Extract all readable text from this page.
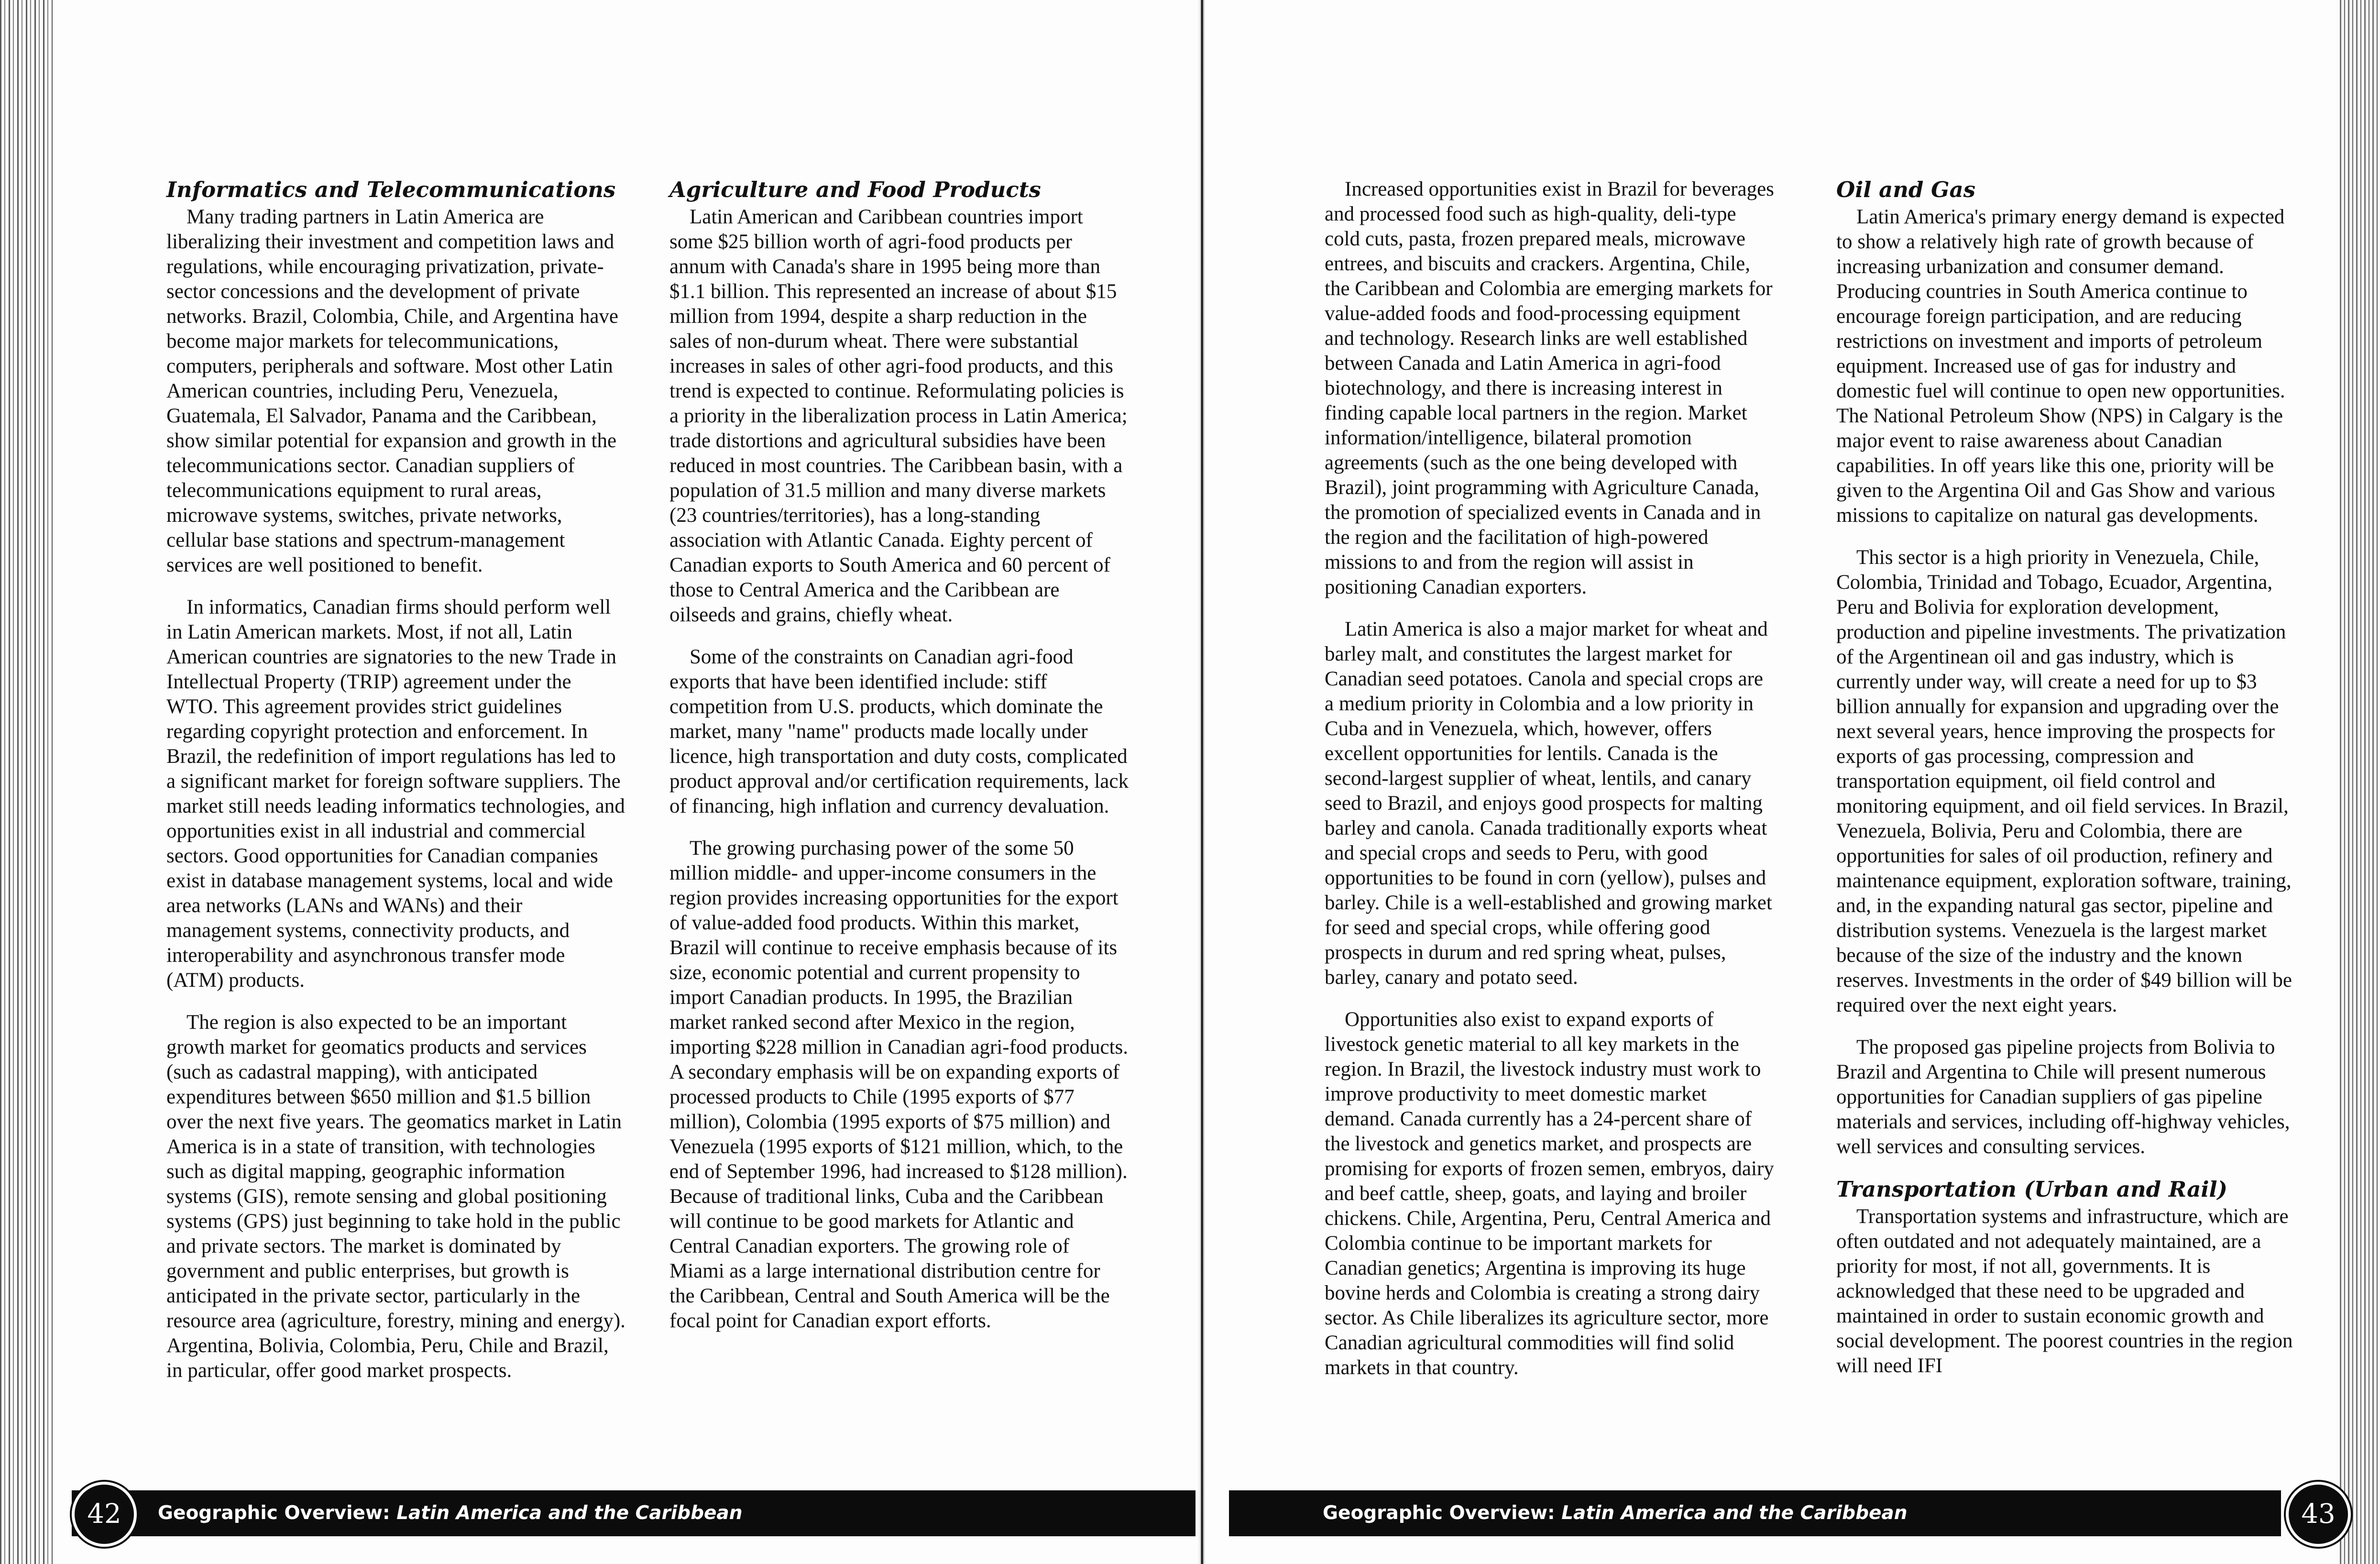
Informatics and Telecommunications

Many trading partners in Latin America are liberalizing their investment and competition laws and regulations, while encouraging privatization, private-sector concessions and the development of private networks. Brazil, Colombia, Chile, and Argentina have become major markets for telecommunications, computers, peripherals and software. Most other Latin American countries, including Peru, Venezuela, Guatemala, El Salvador, Panama and the Caribbean, show similar potential for expansion and growth in the telecommunications sector. Canadian suppliers of telecommunications equipment to rural areas, microwave systems, switches, private networks, cellular base stations and spectrum-management services are well positioned to benefit.

In informatics, Canadian firms should perform well in Latin American markets. Most, if not all, Latin American countries are signatories to the new Trade in Intellectual Property (TRIP) agreement under the WTO. This agreement provides strict guidelines regarding copyright protection and enforcement. In Brazil, the redefinition of import regulations has led to a significant market for foreign software suppliers. The market still needs leading informatics technologies, and opportunities exist in all industrial and commercial sectors. Good opportunities for Canadian companies exist in database management systems, local and wide area networks (LANs and WANs) and their management systems, connectivity products, and interoperability and asynchronous transfer mode (ATM) products.

The region is also expected to be an important growth market for geomatics products and services (such as cadastral mapping), with anticipated expenditures between $650 million and $1.5 billion over the next five years. The geomatics market in Latin America is in a state of transition, with technologies such as digital mapping, geographic information systems (GIS), remote sensing and global positioning systems (GPS) just beginning to take hold in the public and private sectors. The market is dominated by government and public enterprises, but growth is anticipated in the private sector, particularly in the resource area (agriculture, forestry, mining and energy). Argentina, Bolivia, Colombia, Peru, Chile and Brazil, in particular, offer good market prospects.

Agriculture and Food Products

Latin American and Caribbean countries import some $25 billion worth of agri-food products per annum with Canada's share in 1995 being more than $1.1 billion. This represented an increase of about $15 million from 1994, despite a sharp reduction in the sales of non-durum wheat. There were substantial increases in sales of other agri-food products, and this trend is expected to continue. Reformulating policies is a priority in the liberalization process in Latin America; trade distortions and agricultural subsidies have been reduced in most countries. The Caribbean basin, with a population of 31.5 million and many diverse markets (23 countries/territories), has a long-standing association with Atlantic Canada. Eighty percent of Canadian exports to South America and 60 percent of those to Central America and the Caribbean are oilseeds and grains, chiefly wheat.

Some of the constraints on Canadian agri-food exports that have been identified include: stiff competition from U.S. products, which dominate the market, many "name" products made locally under licence, high transportation and duty costs, complicated product approval and/or certification requirements, lack of financing, high inflation and currency devaluation.

The growing purchasing power of the some 50 million middle- and upper-income consumers in the region provides increasing opportunities for the export of value-added food products. Within this market, Brazil will continue to receive emphasis because of its size, economic potential and current propensity to import Canadian products. In 1995, the Brazilian market ranked second after Mexico in the region, importing $228 million in Canadian agri-food products. A secondary emphasis will be on expanding exports of processed products to Chile (1995 exports of $77 million), Colombia (1995 exports of $75 million) and Venezuela (1995 exports of $121 million, which, to the end of September 1996, had increased to $128 million). Because of traditional links, Cuba and the Caribbean will continue to be good markets for Atlantic and Central Canadian exporters. The growing role of Miami as a large international distribution centre for the Caribbean, Central and South America will be the focal point for Canadian export efforts.

Geographic Overview: Latin America and the Caribbean
42

Increased opportunities exist in Brazil for beverages and processed food such as high-quality, deli-type cold cuts, pasta, frozen prepared meals, microwave entrees, and biscuits and crackers. Argentina, Chile, the Caribbean and Colombia are emerging markets for value-added foods and food-processing equipment and technology. Research links are well established between Canada and Latin America in agri-food biotechnology, and there is increasing interest in finding capable local partners in the region. Market information/intelligence, bilateral promotion agreements (such as the one being developed with Brazil), joint programming with Agriculture Canada, the promotion of specialized events in Canada and in the region and the facilitation of high-powered missions to and from the region will assist in positioning Canadian exporters.

Latin America is also a major market for wheat and barley malt, and constitutes the largest market for Canadian seed potatoes. Canola and special crops are a medium priority in Colombia and a low priority in Cuba and in Venezuela, which, however, offers excellent opportunities for lentils. Canada is the second-largest supplier of wheat, lentils, and canary seed to Brazil, and enjoys good prospects for malting barley and canola. Canada traditionally exports wheat and special crops and seeds to Peru, with good opportunities to be found in corn (yellow), pulses and barley. Chile is a well-established and growing market for seed and special crops, while offering good prospects in durum and red spring wheat, pulses, barley, canary and potato seed.

Opportunities also exist to expand exports of livestock genetic material to all key markets in the region. In Brazil, the livestock industry must work to improve productivity to meet domestic market demand. Canada currently has a 24-percent share of the livestock and genetics market, and prospects are promising for exports of frozen semen, embryos, dairy and beef cattle, sheep, goats, and laying and broiler chickens. Chile, Argentina, Peru, Central America and Colombia continue to be important markets for Canadian genetics; Argentina is improving its huge bovine herds and Colombia is creating a strong dairy sector. As Chile liberalizes its agriculture sector, more Canadian agricultural commodities will find solid markets in that country.

Oil and Gas

Latin America's primary energy demand is expected to show a relatively high rate of growth because of increasing urbanization and consumer demand. Producing countries in South America continue to encourage foreign participation, and are reducing restrictions on investment and imports of petroleum equipment. Increased use of gas for industry and domestic fuel will continue to open new opportunities. The National Petroleum Show (NPS) in Calgary is the major event to raise awareness about Canadian capabilities. In off years like this one, priority will be given to the Argentina Oil and Gas Show and various missions to capitalize on natural gas developments.

This sector is a high priority in Venezuela, Chile, Colombia, Trinidad and Tobago, Ecuador, Argentina, Peru and Bolivia for exploration development, production and pipeline investments. The privatization of the Argentinean oil and gas industry, which is currently under way, will create a need for up to $3 billion annually for expansion and upgrading over the next several years, hence improving the prospects for exports of gas processing, compression and transportation equipment, oil field control and monitoring equipment, and oil field services. In Brazil, Venezuela, Bolivia, Peru and Colombia, there are opportunities for sales of oil production, refinery and maintenance equipment, exploration software, training, and, in the expanding natural gas sector, pipeline and distribution systems. Venezuela is the largest market because of the size of the industry and the known reserves. Investments in the order of $49 billion will be required over the next eight years.

The proposed gas pipeline projects from Bolivia to Brazil and Argentina to Chile will present numerous opportunities for Canadian suppliers of gas pipeline materials and services, including off-highway vehicles, well services and consulting services.

Transportation (Urban and Rail)

Transportation systems and infrastructure, which are often outdated and not adequately maintained, are a priority for most, if not all, governments. It is acknowledged that these need to be upgraded and maintained in order to sustain economic growth and social development. The poorest countries in the region will need IFI

Geographic Overview: Latin America and the Caribbean	43
